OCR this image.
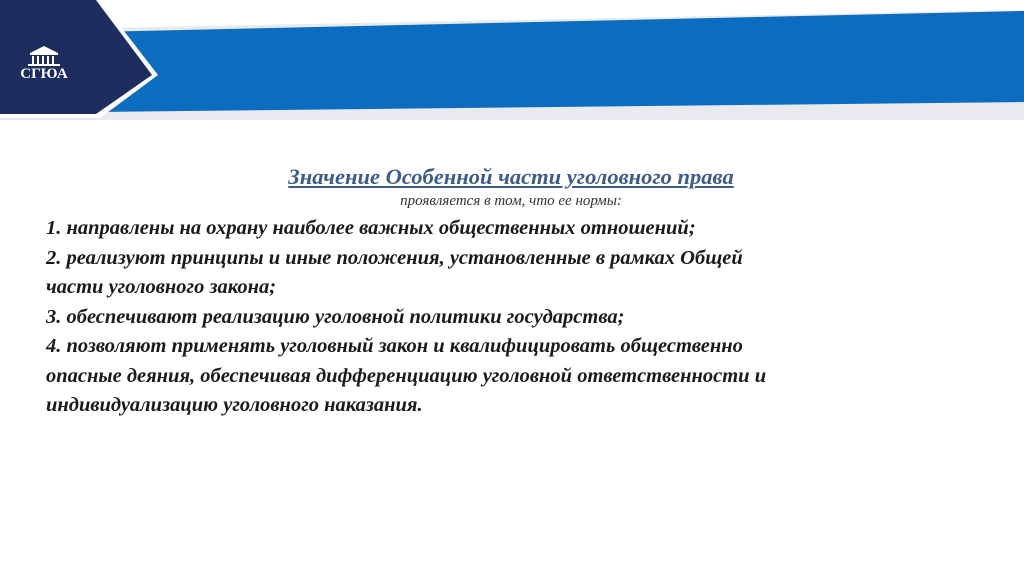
СГЮА

Значение Особенной части уголовного права

проявляется в том, что ее нормы:

1. направлены на охрану наиболее важных общественных отношений;

2. реализуют принципы и иные положения, установленные в рамках Общей

части уголовного закона;

3. обеспечивают реализацию уголовной политики государства;

4. позволяют применять уголовный закон и квалифицировать общественно

опасные деяния, обеспечивая дифференциацию уголовной ответственности и

индивидуализацию уголовного наказания.
